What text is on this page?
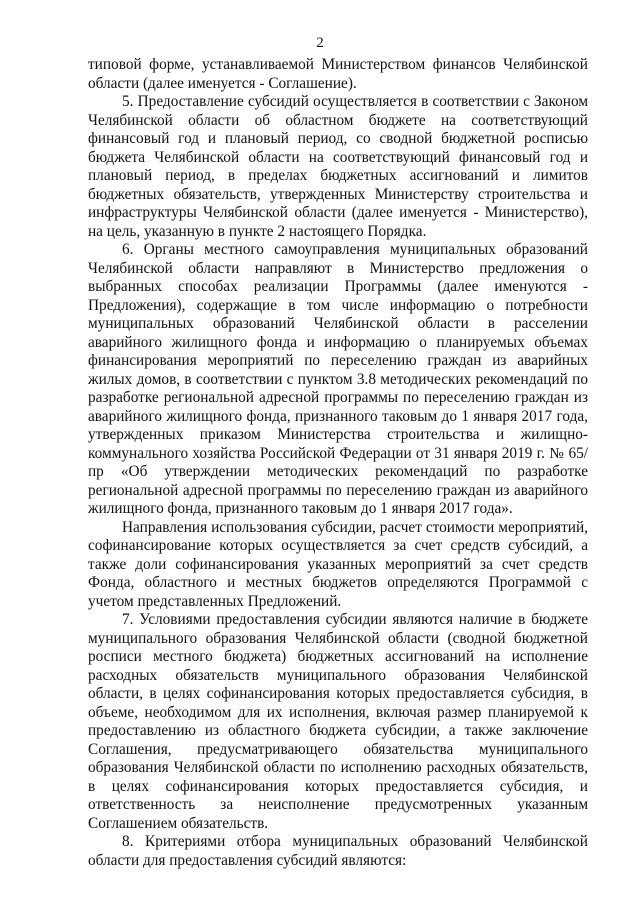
2

типовой форме, устанавливаемой Министерством финансов Челябинской области (далее именуется - Соглашение).

5. Предоставление субсидий осуществляется в соответствии с Законом Челябинской области об областном бюджете на соответствующий финансовый год и плановый период, со сводной бюджетной росписью бюджета Челябинской области на соответствующий финансовый год и плановый период, в пределах бюджетных ассигнований и лимитов бюджетных обязательств, утвержденных Министерству строительства и инфраструктуры Челябинской области (далее именуется - Министерство), на цель, указанную в пункте 2 настоящего Порядка.

6. Органы местного самоуправления муниципальных образований Челябинской области направляют в Министерство предложения о выбранных способах реализации Программы (далее именуются - Предложения), содержащие в том числе информацию о потребности муниципальных образований Челябинской области в расселении аварийного жилищного фонда и информацию о планируемых объемах финансирования мероприятий по переселению граждан из аварийных жилых домов, в соответствии с пунктом 3.8 методических рекомендаций по разработке региональной адресной программы по переселению граждан из аварийного жилищного фонда, признанного таковым до 1 января 2017 года, утвержденных приказом Министерства строительства и жилищно-коммунального хозяйства Российской Федерации от 31 января 2019 г. № 65/пр «Об утверждении методических рекомендаций по разработке региональной адресной программы по переселению граждан из аварийного жилищного фонда, признанного таковым до 1 января 2017 года».

Направления использования субсидии, расчет стоимости мероприятий, софинансирование которых осуществляется за счет средств субсидий, а также доли софинансирования указанных мероприятий за счет средств Фонда, областного и местных бюджетов определяются Программой с учетом представленных Предложений.

7. Условиями предоставления субсидии являются наличие в бюджете муниципального образования Челябинской области (сводной бюджетной росписи местного бюджета) бюджетных ассигнований на исполнение расходных обязательств муниципального образования Челябинской области, в целях софинансирования которых предоставляется субсидия, в объеме, необходимом для их исполнения, включая размер планируемой к предоставлению из областного бюджета субсидии, а также заключение Соглашения, предусматривающего обязательства муниципального образования Челябинской области по исполнению расходных обязательств, в целях софинансирования которых предоставляется субсидия, и ответственность за неисполнение предусмотренных указанным Соглашением обязательств.

8. Критериями отбора муниципальных образований Челябинской области для предоставления субсидий являются:
